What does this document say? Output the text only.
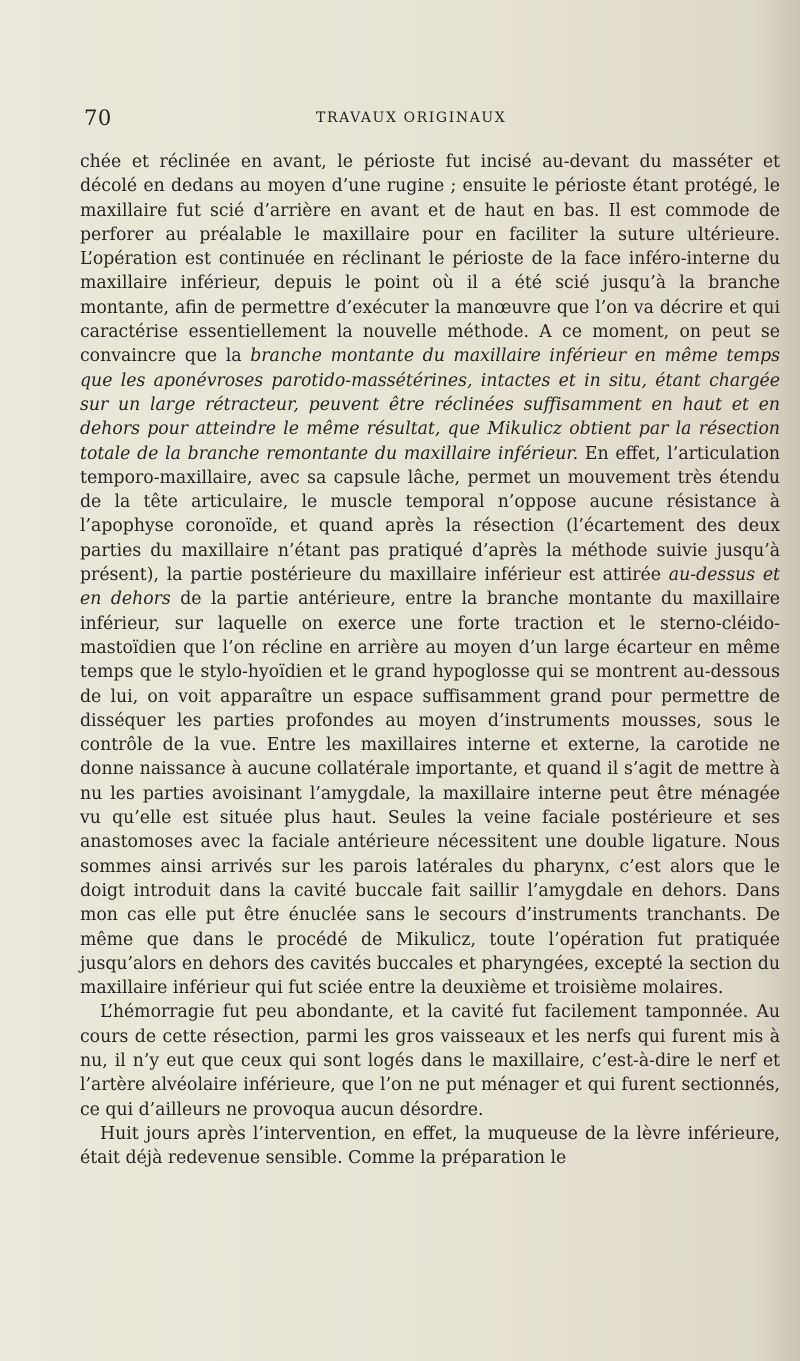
70	TRAVAUX ORIGINAUX

chée et réclinée en avant, le périoste fut incisé au-devant du masséter et décolé en dedans au moyen d’une rugine ; ensuite le périoste étant protégé, le maxillaire fut scié d’arrière en avant et de haut en bas. Il est commode de perforer au préalable le maxillaire pour en faciliter la suture ultérieure. L’opération est continuée en réclinant le périoste de la face inféro-interne du maxillaire inférieur, depuis le point où il a été scié jusqu’à la branche montante, afin de permettre d’exécuter la manœuvre que l’on va décrire et qui caractérise essentiellement la nouvelle méthode. A ce moment, on peut se convaincre que la branche montante du maxillaire inférieur en même temps que les aponévroses parotido-massétérines, intactes et in situ, étant chargée sur un large rétracteur, peuvent être réclinées suffisamment en haut et en dehors pour atteindre le même résultat, que Mikulicz obtient par la résection totale de la branche remontante du maxillaire inférieur. En effet, l’articulation temporo-maxillaire, avec sa capsule lâche, permet un mouvement très étendu de la tête articulaire, le muscle temporal n’oppose aucune résistance à l’apophyse coronoïde, et quand après la résection (l’écartement des deux parties du maxillaire n’étant pas pratiqué d’après la méthode suivie jusqu’à présent), la partie postérieure du maxillaire inférieur est attirée au-dessus et en dehors de la partie antérieure, entre la branche montante du maxillaire inférieur, sur laquelle on exerce une forte traction et le sterno-cléido-mastoïdien que l’on récline en arrière au moyen d’un large écarteur en même temps que le stylo-hyoïdien et le grand hypoglosse qui se montrent au-dessous de lui, on voit apparaître un espace suffisamment grand pour permettre de disséquer les parties profondes au moyen d’instruments mousses, sous le contrôle de la vue. Entre les maxillaires interne et externe, la carotide ne donne naissance à aucune collatérale importante, et quand il s’agit de mettre à nu les parties avoisinant l’amygdale, la maxillaire interne peut être ménagée vu qu’elle est située plus haut. Seules la veine faciale postérieure et ses anastomoses avec la faciale antérieure nécessitent une double ligature. Nous sommes ainsi arrivés sur les parois latérales du pharynx, c’est alors que le doigt introduit dans la cavité buccale fait saillir l’amygdale en dehors. Dans mon cas elle put être énuclée sans le secours d’instruments tranchants. De même que dans le procédé de Mikulicz, toute l’opération fut pratiquée jusqu’alors en dehors des cavités buccales et pharyngées, excepté la section du maxillaire inférieur qui fut sciée entre la deuxième et troisième molaires.

L’hémorragie fut peu abondante, et la cavité fut facilement tamponnée. Au cours de cette résection, parmi les gros vaisseaux et les nerfs qui furent mis à nu, il n’y eut que ceux qui sont logés dans le maxillaire, c’est-à-dire le nerf et l’artère alvéolaire inférieure, que l’on ne put ménager et qui furent sectionnés, ce qui d’ailleurs ne provoqua aucun désordre.

Huit jours après l’intervention, en effet, la muqueuse de la lèvre inférieure, était déjà redevenue sensible. Comme la préparation le
